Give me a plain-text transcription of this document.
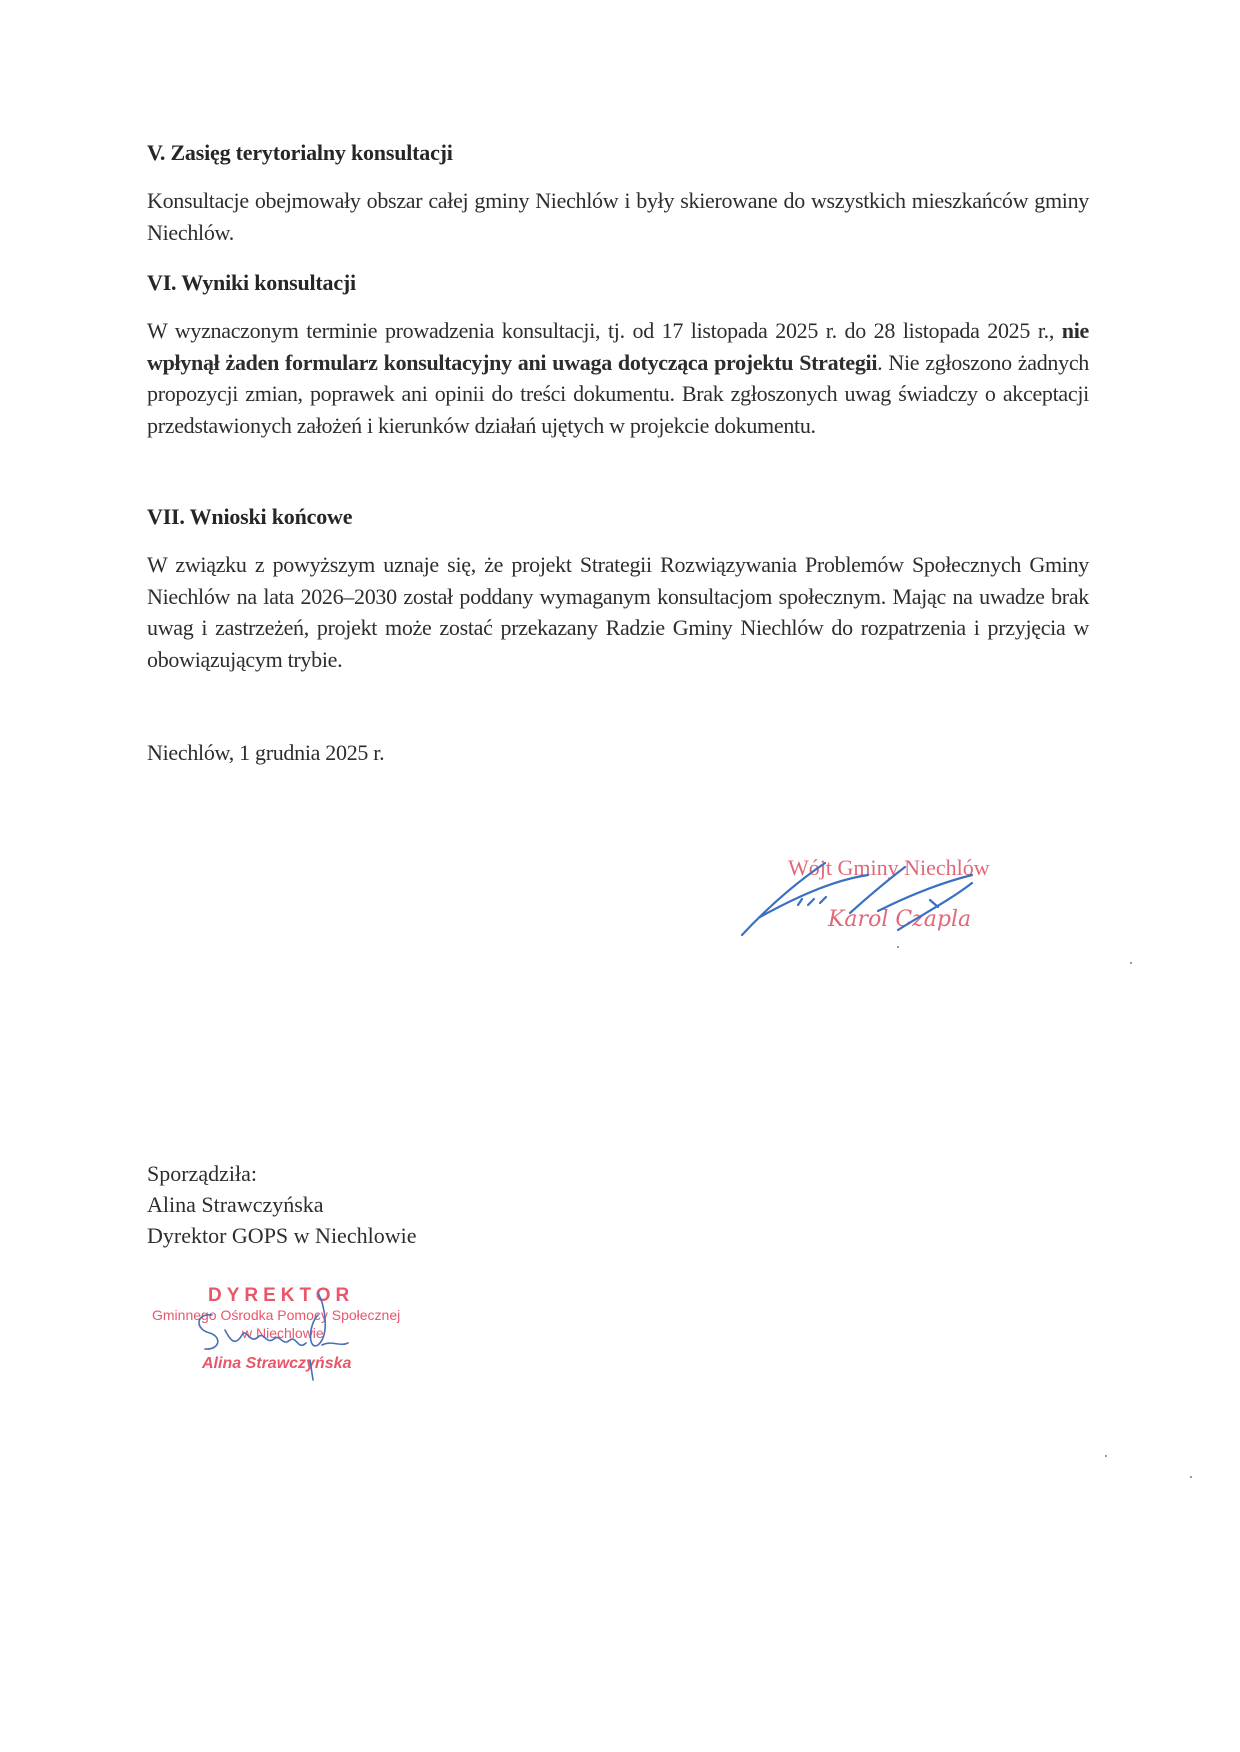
V. Zasięg terytorialny konsultacji

Konsultacje obejmowały obszar całej gminy Niechlów i były skierowane do wszystkich mieszkańców gminy Niechlów.

VI. Wyniki konsultacji

W wyznaczonym terminie prowadzenia konsultacji, tj. od 17 listopada 2025 r. do 28 listopada 2025 r., nie wpłynął żaden formularz konsultacyjny ani uwaga dotycząca projektu Strategii. Nie zgłoszono żadnych propozycji zmian, poprawek ani opinii do treści dokumentu. Brak zgłoszonych uwag świadczy o akceptacji przedstawionych założeń i kierunków działań ujętych w projekcie dokumentu.

VII. Wnioski końcowe

W związku z powyższym uznaje się, że projekt Strategii Rozwiązywania Problemów Społecznych Gminy Niechlów na lata 2026–2030 został poddany wymaganym konsultacjom społecznym. Mając na uwadze brak uwag i zastrzeżeń, projekt może zostać przekazany Radzie Gminy Niechlów do rozpatrzenia i przyjęcia w obowiązującym trybie.

Niechlów, 1 grudnia 2025 r.

Wójt Gminy Niechlów
Karol Czapla
Sporządziła:
Alina Strawczyńska
Dyrektor GOPS w Niechlowie
DYREKTOR
Gminnego Ośrodka Pomocy Społecznej
w Niechlowie
Alina Strawczyńska
